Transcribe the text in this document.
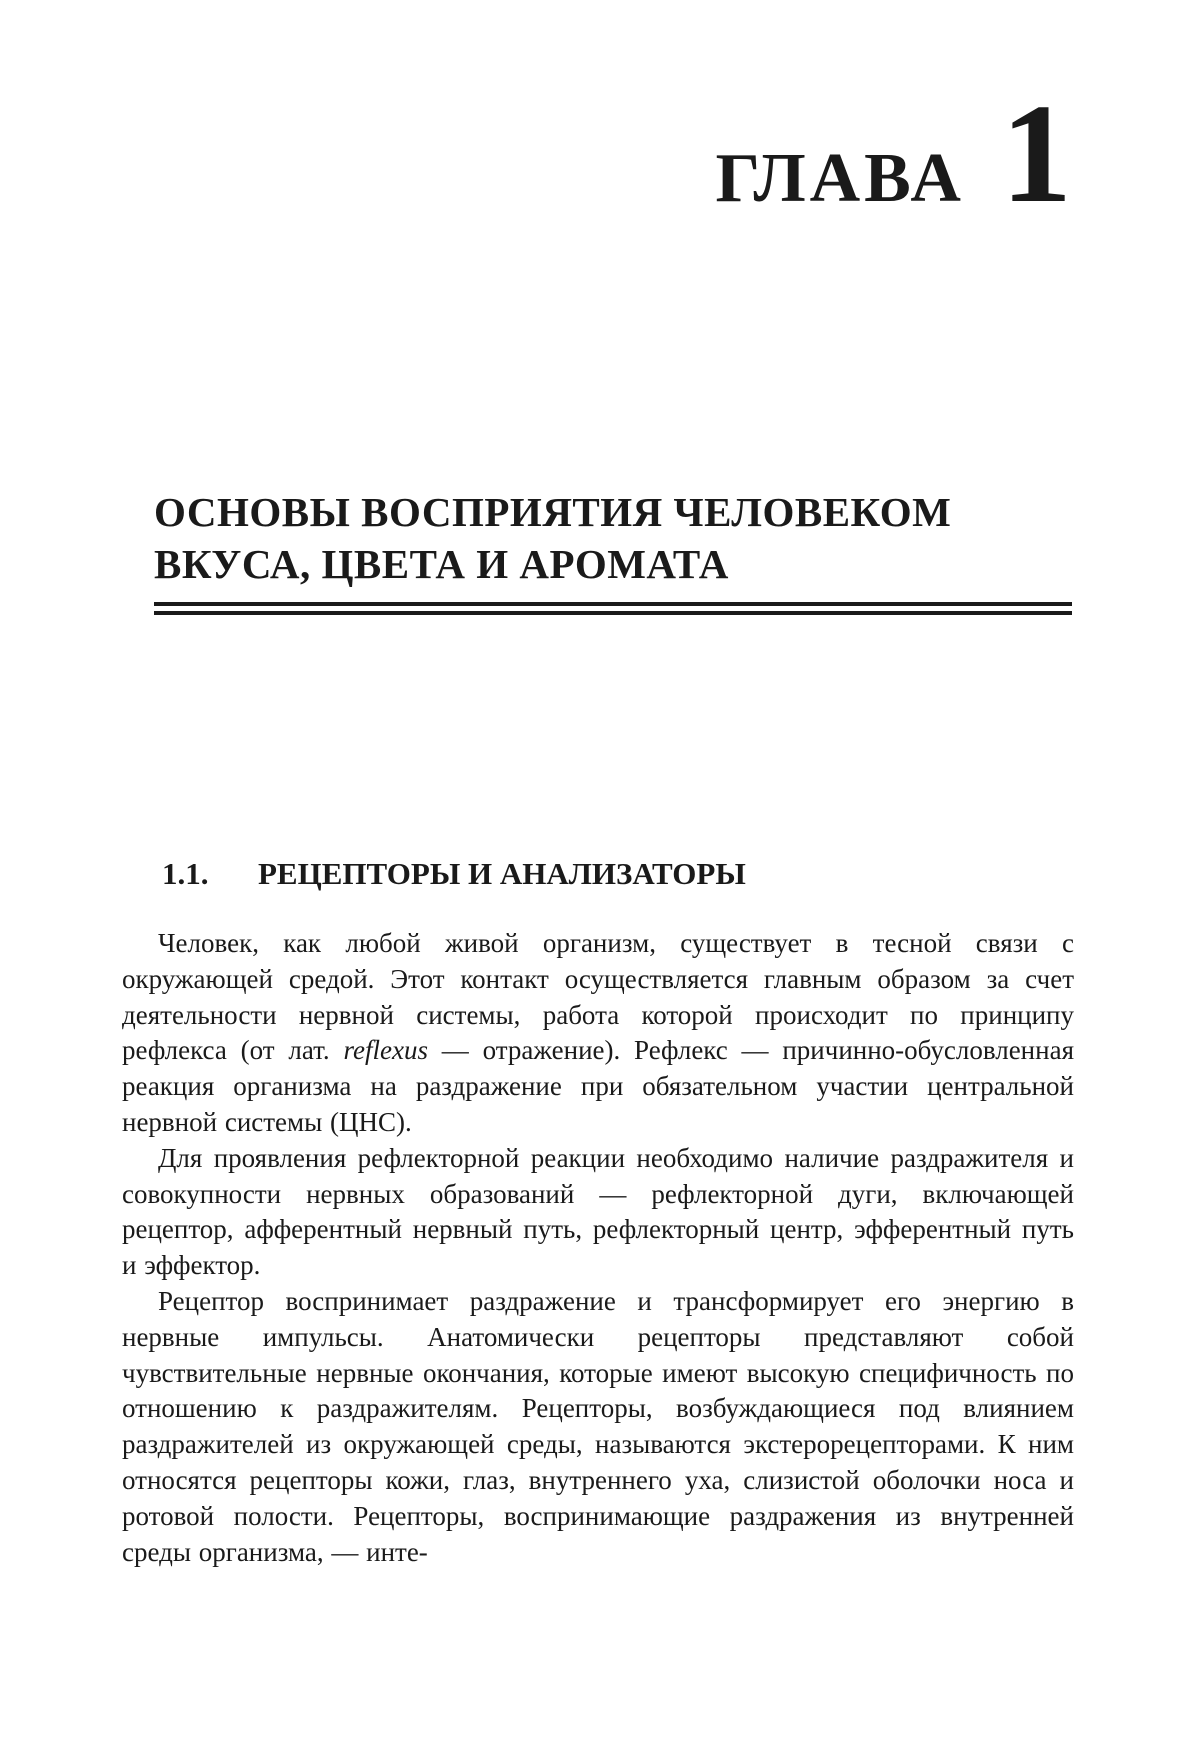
ГЛАВА 1
ОСНОВЫ ВОСПРИЯТИЯ ЧЕЛОВЕКОМ
ВКУСА, ЦВЕТА И АРОМАТА
1.1.	РЕЦЕПТОРЫ И АНАЛИЗАТОРЫ

Человек, как любой живой организм, существует в тесной связи с окружающей средой. Этот контакт осуществляется главным образом за счет деятельности нервной системы, работа которой происходит по принципу рефлекса (от лат. reflexus — отражение). Рефлекс — причинно-обусловленная реакция организма на раздражение при обязательном участии центральной нервной системы (ЦНС).

Для проявления рефлекторной реакции необходимо наличие раздражителя и совокупности нервных образований — рефлекторной дуги, включающей рецептор, афферентный нервный путь, рефлекторный центр, эфферентный путь и эффектор.

Рецептор воспринимает раздражение и трансформирует его энергию в нервные импульсы. Анатомически рецепторы представляют собой чувствительные нервные окончания, которые имеют высокую специфичность по отношению к раздражителям. Рецепторы, возбуждающиеся под влиянием раздражителей из окружающей среды, называются экстерорецепторами. К ним относятся рецепторы кожи, глаз, внутреннего уха, слизистой оболочки носа и ротовой полости. Рецепторы, воспринимающие раздражения из внутренней среды организма, — инте-
